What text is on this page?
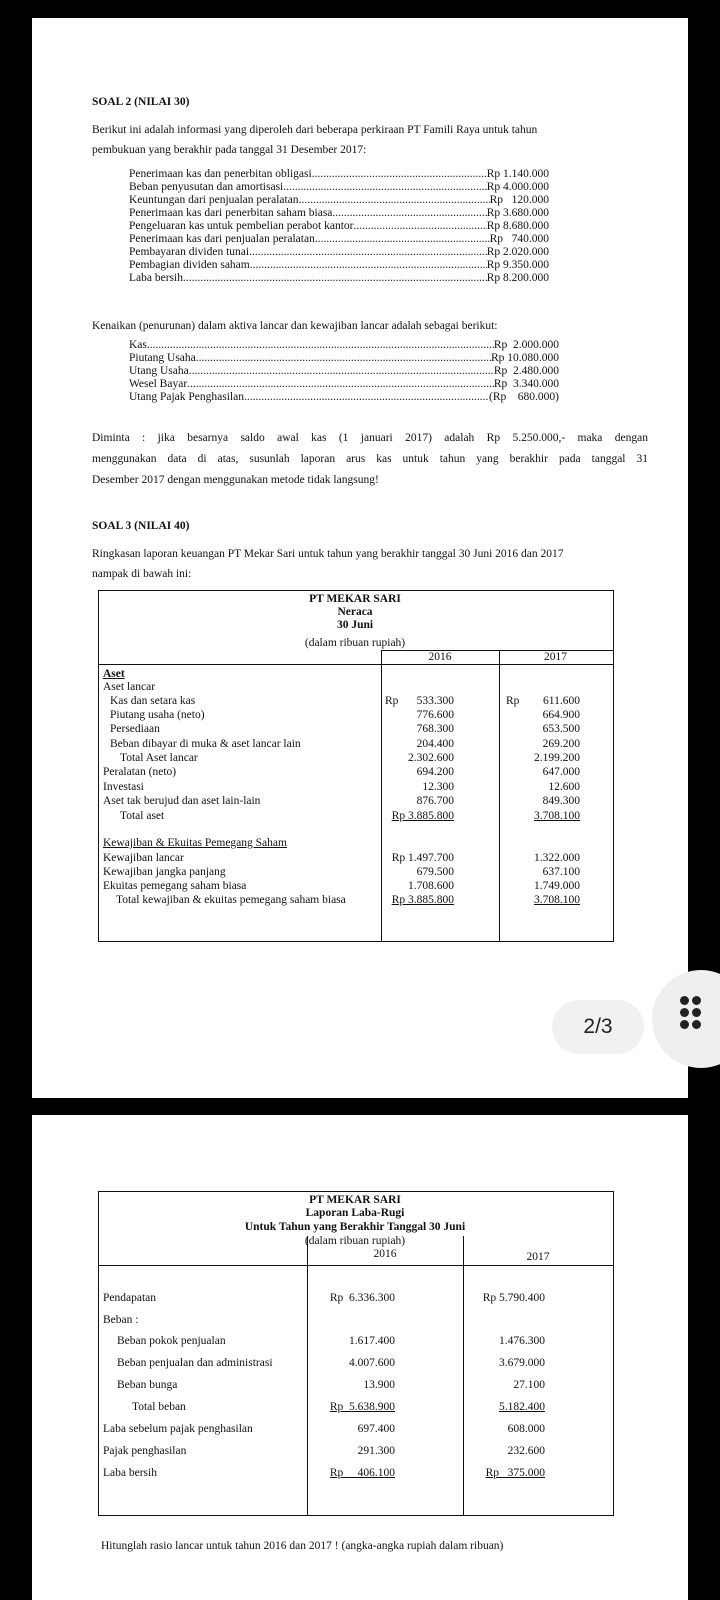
SOAL 2 (NILAI 30)
Berikut ini adalah informasi yang diperoleh dari beberapa perkiraan PT Famili Raya untuk tahun
pembukuan yang berakhir pada tanggal 31 Desember 2017:
Penerimaan kas dan penerbitan obligasi .....	Rp 1.140.000
Beban penyusutan dan amortisasi .....	Rp 4.000.000
Keuntungan dari penjualan peralatan .....	Rp   120.000
Penerimaan kas dari penerbitan saham biasa .....	Rp 3.680.000
Pengeluaran kas untuk pembelian perabot kantor .....	Rp 8.680.000
Penerimaan kas dari penjualan peralatan .....	Rp   740.000
Pembayaran dividen tunai .....	Rp 2.020.000
Pembagian dividen saham .....	Rp 9.350.000
Laba bersih .....	Rp 8.200.000
Kenaikan (penurunan) dalam aktiva lancar dan kewajiban lancar adalah sebagai berikut:
Kas .....	Rp  2.000.000
Piutang Usaha .....	Rp 10.080.000
Utang Usaha .....	Rp  2.480.000
Wesel Bayar .....	Rp  3.340.000
Utang Pajak Penghasilan .....	(Rp    680.000)
Diminta : jika besarnya saldo awal kas (1 januari 2017) adalah Rp 5.250.000,- maka dengan
menggunakan data di atas, susunlah laporan arus kas untuk tahun yang berakhir pada tanggal 31
Desember 2017 dengan menggunakan metode tidak langsung!
SOAL 3 (NILAI 40)
Ringkasan laporan keuangan PT Mekar Sari untuk tahun yang berakhir tanggal 30 Juni 2016 dan 2017
nampak di bawah ini:
PT MEKAR SARI
Neraca
30 Juni
(dalam ribuan rupiah)
2016	2017
Aset
Aset lancar
Kas dan setara kas	Rp	533.300	Rp	611.600
Piutang usaha (neto)	776.600	664.900
Persediaan	768.300	653.500
Beban dibayar di muka & aset lancar lain	204.400	269.200
Total Aset lancar	2.302.600	2.199.200
Peralatan (neto)	694.200	647.000
Investasi	12.300	12.600
Aset tak berujud dan aset lain-lain	876.700	849.300
Total aset	Rp 3.885.800	3.708.100
Kewajiban & Ekuitas Pemegang Saham
Kewajiban lancar	Rp 1.497.700	1.322.000
Kewajiban jangka panjang	679.500	637.100
Ekuitas pemegang saham biasa	1.708.600	1.749.000
Total kewajiban & ekuitas pemegang saham biasa	Rp 3.885.800	3.708.100
2/3
PT MEKAR SARI
Laporan Laba-Rugi
Untuk Tahun yang Berakhir Tanggal 30 Juni
(dalam ribuan rupiah)
2016	2017
Pendapatan	Rp  6.336.300	Rp 5.790.400
Beban :
Beban pokok penjualan	1.617.400	1.476.300
Beban penjualan dan administrasi	4.007.600	3.679.000
Beban bunga	13.900	27.100
Total beban	Rp  5.638.900	5.182.400
Laba sebelum pajak penghasilan	697.400	608.000
Pajak penghasilan	291.300	232.600
Laba bersih	Rp     406.100	Rp   375.000
Hitunglah rasio lancar untuk tahun 2016 dan 2017 ! (angka-angka rupiah dalam ribuan)
